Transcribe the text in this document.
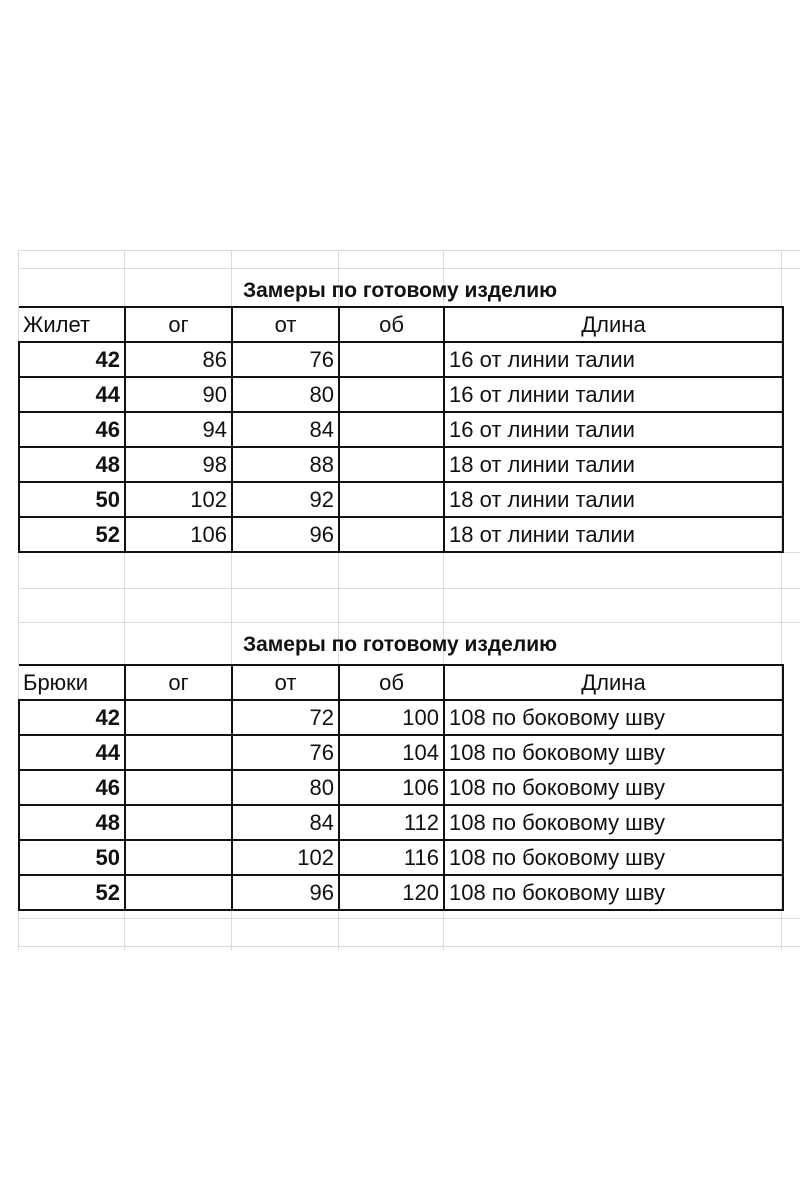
Замеры по готовому изделию
Жилет	ог	от	об	Длина
42	86	76		16 от линии талии
44	90	80		16 от линии талии
46	94	84		16 от линии талии
48	98	88		18 от линии талии
50	102	92		18 от линии талии
52	106	96		18 от линии талии
Замеры по готовому изделию
Брюки	ог	от	об	Длина
42		72	100	108 по боковому шву
44		76	104	108 по боковому шву
46		80	106	108 по боковому шву
48		84	112	108 по боковому шву
50		102	116	108 по боковому шву
52		96	120	108 по боковому шву
